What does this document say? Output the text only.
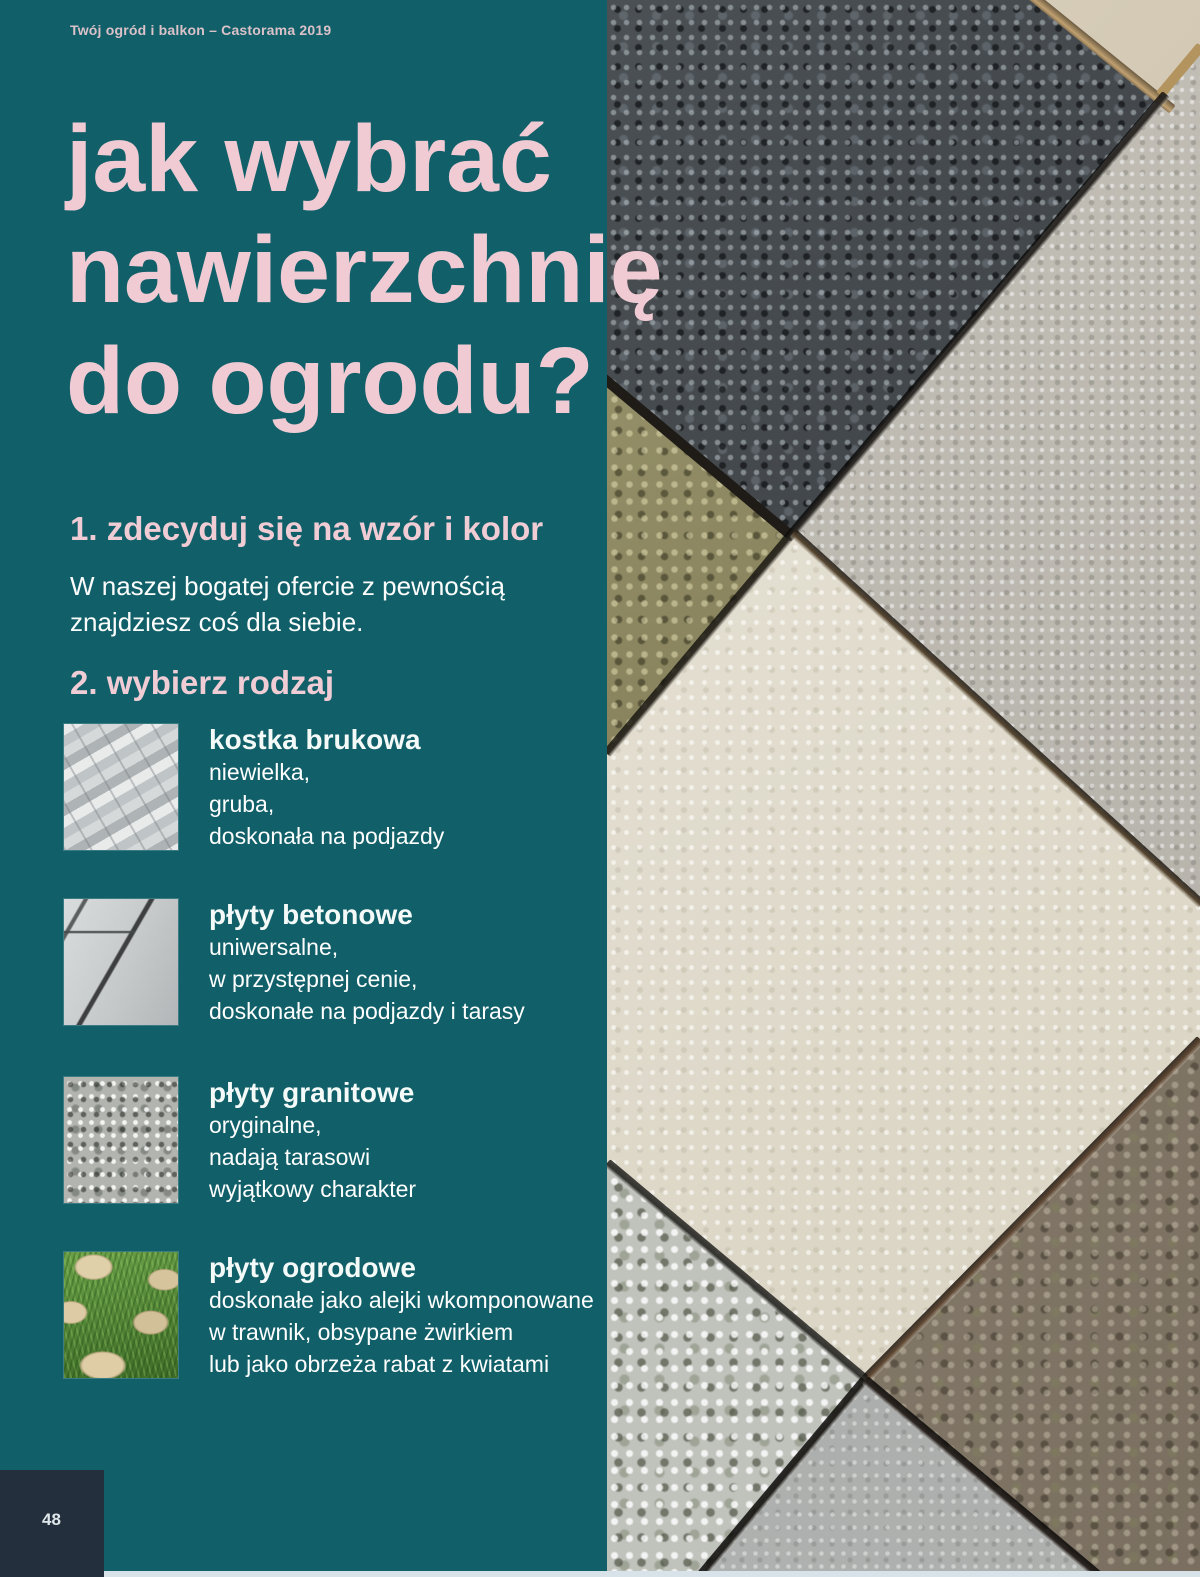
Twój ogród i balkon – Castorama 2019
jak wybrać
nawierzchnię
do ogrodu?
1. zdecyduj się na wzór i kolor

W naszej bogatej ofercie z pewnością
znajdziesz coś dla siebie.

2. wybierz rodzaj
kostka brukowa
niewielka,
gruba,
doskonała na podjazdy
płyty betonowe
uniwersalne,
w przystępnej cenie,
doskonałe na podjazdy i tarasy
płyty granitowe
oryginalne,
nadają tarasowi
wyjątkowy charakter
płyty ogrodowe
doskonałe jako alejki wkomponowane
w trawnik, obsypane żwirkiem
lub jako obrzeża rabat z kwiatami
48
